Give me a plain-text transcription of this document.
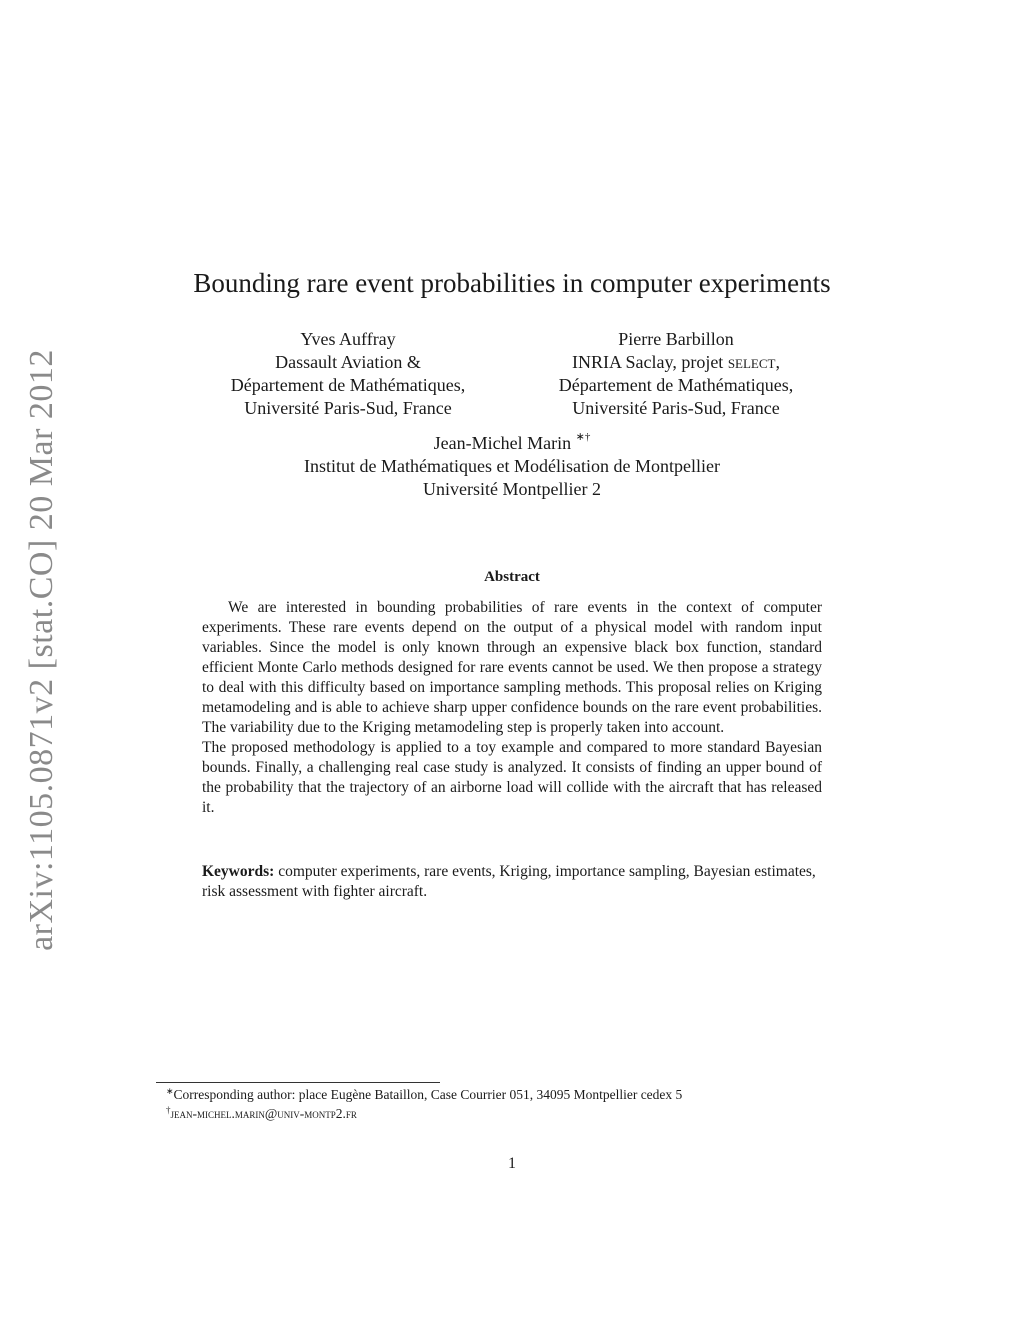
arXiv:1105.0871v2 [stat.CO] 20 Mar 2012
Bounding rare event probabilities in computer experiments
Yves Auffray
Dassault Aviation &
Département de Mathématiques,
Université Paris-Sud, France
Pierre Barbillon
INRIA Saclay, projet select,
Département de Mathématiques,
Université Paris-Sud, France
Jean-Michel Marin ∗†
Institut de Mathématiques et Modélisation de Montpellier
Université Montpellier 2
Abstract

We are interested in bounding probabilities of rare events in the context of computer experiments. These rare events depend on the output of a physical model with random input variables. Since the model is only known through an expensive black box function, standard efficient Monte Carlo methods designed for rare events cannot be used. We then propose a strategy to deal with this difficulty based on importance sampling methods. This proposal relies on Kriging metamodeling and is able to achieve sharp upper confidence bounds on the rare event probabilities. The variability due to the Kriging metamodeling step is properly taken into account.

The proposed methodology is applied to a toy example and compared to more standard Bayesian bounds. Finally, a challenging real case study is analyzed. It consists of finding an upper bound of the probability that the trajectory of an airborne load will collide with the aircraft that has released it.

Keywords: computer experiments, rare events, Kriging, importance sampling, Bayesian estimates, risk assessment with fighter aircraft.
∗Corresponding author: place Eugène Bataillon, Case Courrier 051, 34095 Montpellier cedex 5
†jean-michel.marin@univ-montp2.fr
1
